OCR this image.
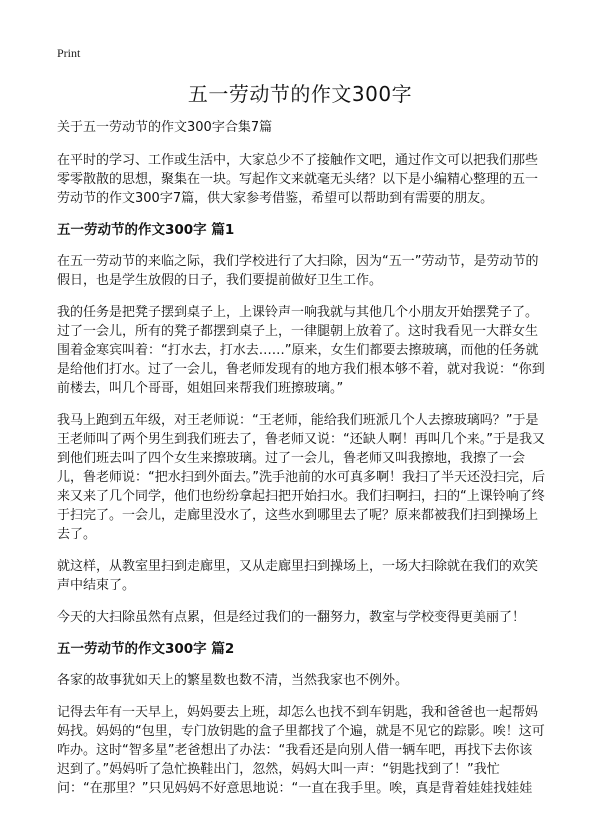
Print
五一劳动节的作文300字

关于五一劳动节的作文300字合集7篇

在平时的学习、工作或生活中，大家总少不了接触作文吧，通过作文可以把我们那些零零散散的思想，聚集在一块。写起作文来就毫无头绪？以下是小编精心整理的五一劳动节的作文300字7篇，供大家参考借鉴，希望可以帮助到有需要的朋友。

五一劳动节的作文300字 篇1

在五一劳动节的来临之际，我们学校进行了大扫除，因为“五一”劳动节，是劳动节的假日，也是学生放假的日子，我们要提前做好卫生工作。

我的任务是把凳子摆到桌子上，上课铃声一响我就与其他几个小朋友开始摆凳子了。过了一会儿，所有的凳子都摆到桌子上，一律腿朝上放着了。这时我看见一大群女生围着金寒宾叫着：“打水去，打水去……”原来，女生们都要去擦玻璃，而他的任务就是给他们打水。过了一会儿，鲁老师发现有的地方我们根本够不着，就对我说：“你到前楼去，叫几个哥哥，姐姐回来帮我们班擦玻璃。”

我马上跑到五年级，对王老师说：“王老师，能给我们班派几个人去擦玻璃吗？”于是王老师叫了两个男生到我们班去了，鲁老师又说：“还缺人啊！再叫几个来。”于是我又到他们班去叫了四个女生来擦玻璃。过了一会儿，鲁老师又叫我擦地，我擦了一会儿，鲁老师说：“把水扫到外面去。”洗手池前的水可真多啊！我扫了半天还没扫完，后来又来了几个同学，他们也纷纷拿起扫把开始扫水。我们扫啊扫，扫的“上课铃响了终于扫完了。一会儿，走廊里没水了，这些水到哪里去了呢？原来都被我们扫到操场上去了。

就这样，从教室里扫到走廊里，又从走廊里扫到操场上，一场大扫除就在我们的欢笑声中结束了。

今天的大扫除虽然有点累，但是经过我们的一翻努力，教室与学校变得更美丽了！

五一劳动节的作文300字 篇2

各家的故事犹如天上的繁星数也数不清，当然我家也不例外。

记得去年有一天早上，妈妈要去上班，却怎么也找不到车钥匙，我和爸爸也一起帮妈妈找。妈妈的“包里，专门放钥匙的盒子里都找了个遍，就是不见它的踪影。唉！这可咋办。这时“智多星”老爸想出了办法：“我看还是向别人借一辆车吧，再找下去你该迟到了。”妈妈听了急忙换鞋出门，忽然，妈妈大叫一声：“钥匙找到了！”我忙问：“在那里？”只见妈妈不好意思地说：“一直在我手里。唉，真是背着娃娃找娃娃
